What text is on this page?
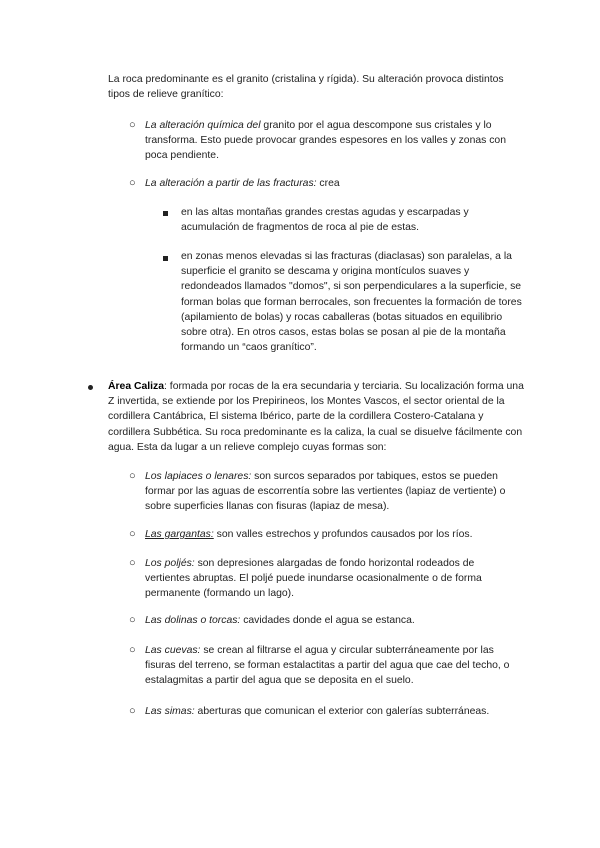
La roca predominante es el granito (cristalina y rígida). Su alteración provoca distintos tipos de relieve granítico:

○ La alteración química del granito por el agua descompone sus cristales y lo transforma. Esto puede provocar grandes espesores en los valles y zonas con poca pendiente.

○ La alteración a partir de las fracturas: crea

en las altas montañas grandes crestas agudas y escarpadas y acumulación de fragmentos de roca al pie de estas.

en zonas menos elevadas si las fracturas (diaclasas) son paralelas, a la superficie el granito se descama y origina montículos suaves y redondeados llamados "domos", si son perpendiculares a la superficie, se forman bolas que forman berrocales, son frecuentes la formación de tores (apilamiento de bolas) y rocas caballeras (botas situados en equilibrio sobre otra). En otros casos, estas bolas se posan al pie de la montaña formando un “caos granítico”.

Área Caliza: formada por rocas de la era secundaria y terciaria. Su localización forma una Z invertida, se extiende por los Prepirineos, los Montes Vascos, el sector oriental de la cordillera Cantábrica, El sistema Ibérico, parte de la cordillera Costero-Catalana y cordillera Subbética. Su roca predominante es la caliza, la cual se disuelve fácilmente con agua. Esta da lugar a un relieve complejo cuyas formas son:

○ Los lapiaces o lenares: son surcos separados por tabiques, estos se pueden formar por las aguas de escorrentía sobre las vertientes (lapiaz de vertiente) o sobre superficies llanas con fisuras (lapiaz de mesa).

○ Las gargantas: son valles estrechos y profundos causados por los ríos.

○ Los poljés: son depresiones alargadas de fondo horizontal rodeados de vertientes abruptas. El poljé puede inundarse ocasionalmente o de forma permanente (formando un lago).

○ Las dolinas o torcas: cavidades donde el agua se estanca.

○ Las cuevas: se crean al filtrarse el agua y circular subterráneamente por las fisuras del terreno, se forman estalactitas a partir del agua que cae del techo, o estalagmitas a partir del agua que se deposita en el suelo.

○ Las simas: aberturas que comunican el exterior con galerías subterráneas.
